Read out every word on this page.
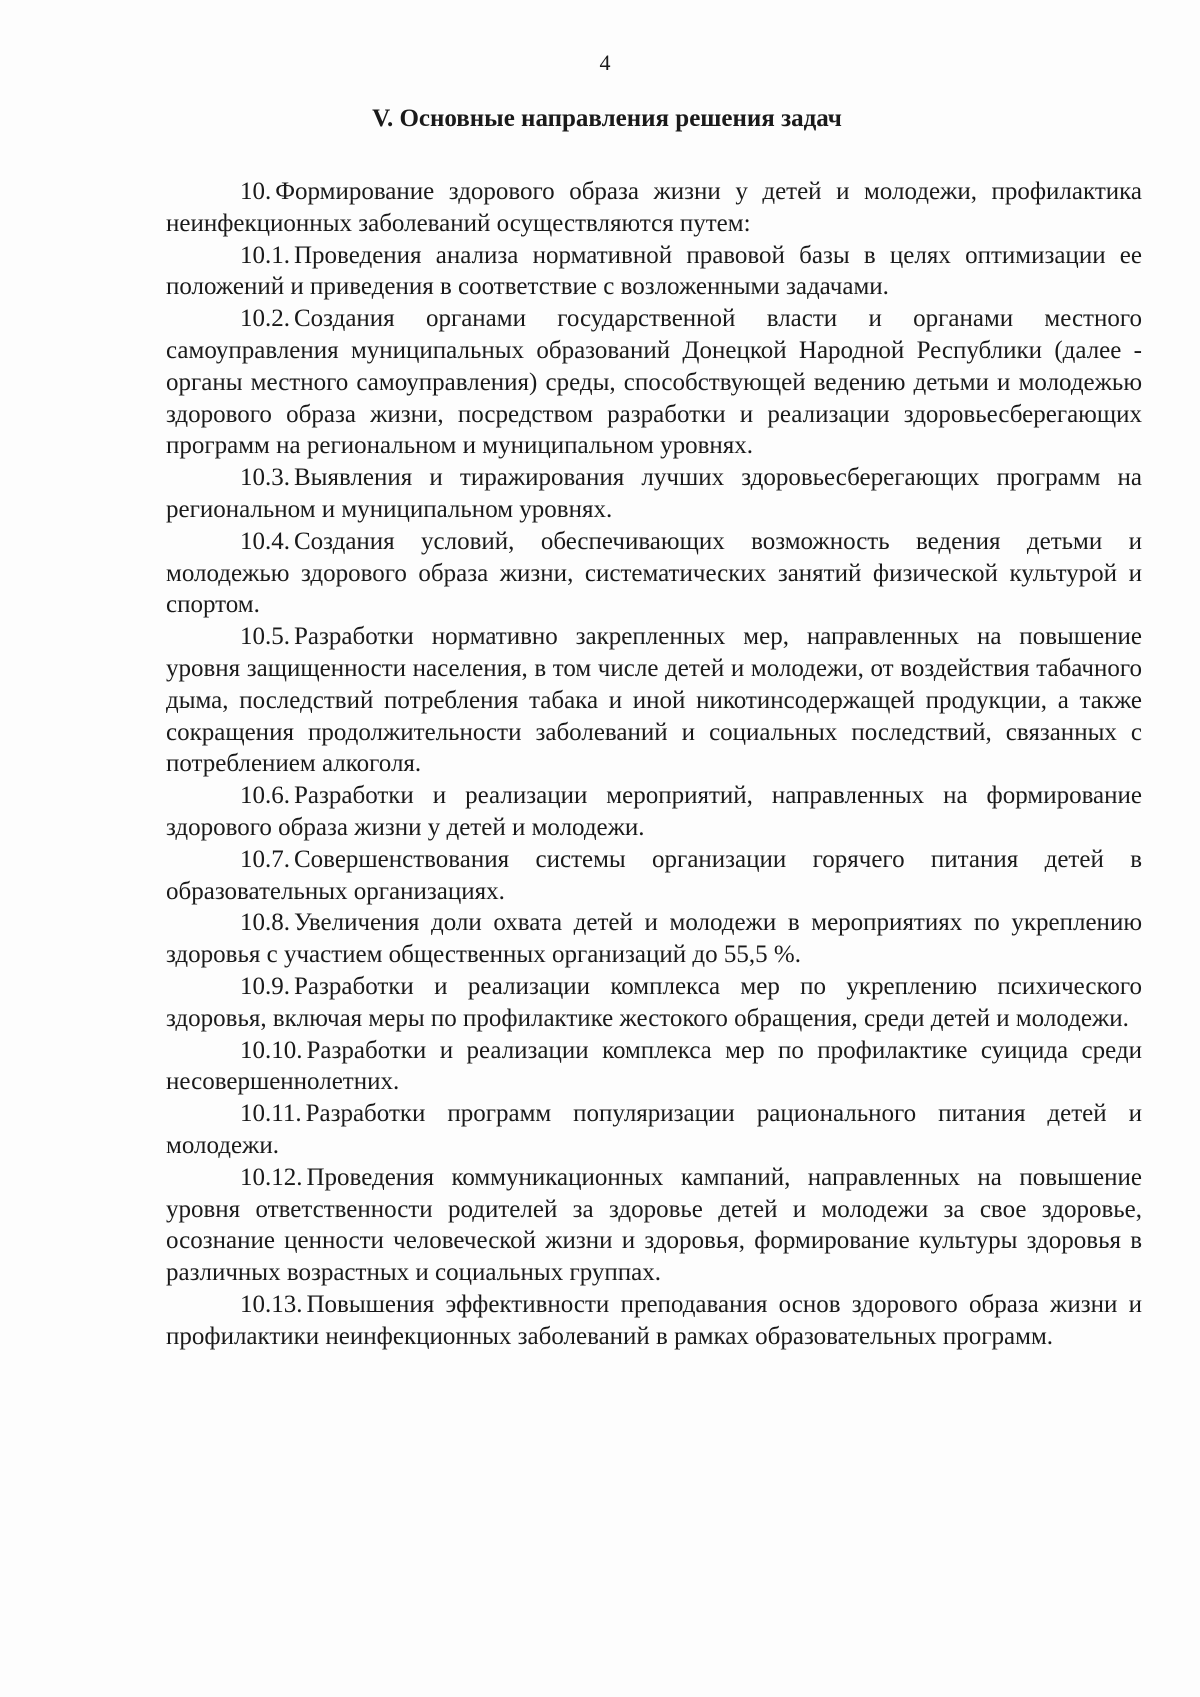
4
V. Основные направления решения задач

10. Формирование здорового образа жизни у детей и молодежи, профилактика неинфекционных заболеваний осуществляются путем:

10.1. Проведения анализа нормативной правовой базы в целях оптимизации ее положений и приведения в соответствие с возложенными задачами.

10.2. Создания органами государственной власти и органами местного самоуправления муниципальных образований Донецкой Народной Республики (далее - органы местного самоуправления) среды, способствующей ведению детьми и молодежью здорового образа жизни, посредством разработки и реализации здоровьесберегающих программ на региональном и муниципальном уровнях.

10.3. Выявления и тиражирования лучших здоровьесберегающих программ на региональном и муниципальном уровнях.

10.4. Создания условий, обеспечивающих возможность ведения детьми и молодежью здорового образа жизни, систематических занятий физической культурой и спортом.

10.5. Разработки нормативно закрепленных мер, направленных на повышение уровня защищенности населения, в том числе детей и молодежи, от воздействия табачного дыма, последствий потребления табака и иной никотинсодержащей продукции, а также сокращения продолжительности заболеваний и социальных последствий, связанных с потреблением алкоголя.

10.6. Разработки и реализации мероприятий, направленных на формирование здорового образа жизни у детей и молодежи.

10.7. Совершенствования системы организации горячего питания детей в образовательных организациях.

10.8. Увеличения доли охвата детей и молодежи в мероприятиях по укреплению здоровья с участием общественных организаций до 55,5 %.

10.9. Разработки и реализации комплекса мер по укреплению психического здоровья, включая меры по профилактике жестокого обращения, среди детей и молодежи.

10.10. Разработки и реализации комплекса мер по профилактике суицида среди несовершеннолетних.

10.11. Разработки программ популяризации рационального питания детей и молодежи.

10.12. Проведения коммуникационных кампаний, направленных на повышение уровня ответственности родителей за здоровье детей и молодежи за свое здоровье, осознание ценности человеческой жизни и здоровья, формирование культуры здоровья в различных возрастных и социальных группах.

10.13. Повышения эффективности преподавания основ здорового образа жизни и профилактики неинфекционных заболеваний в рамках образовательных программ.
